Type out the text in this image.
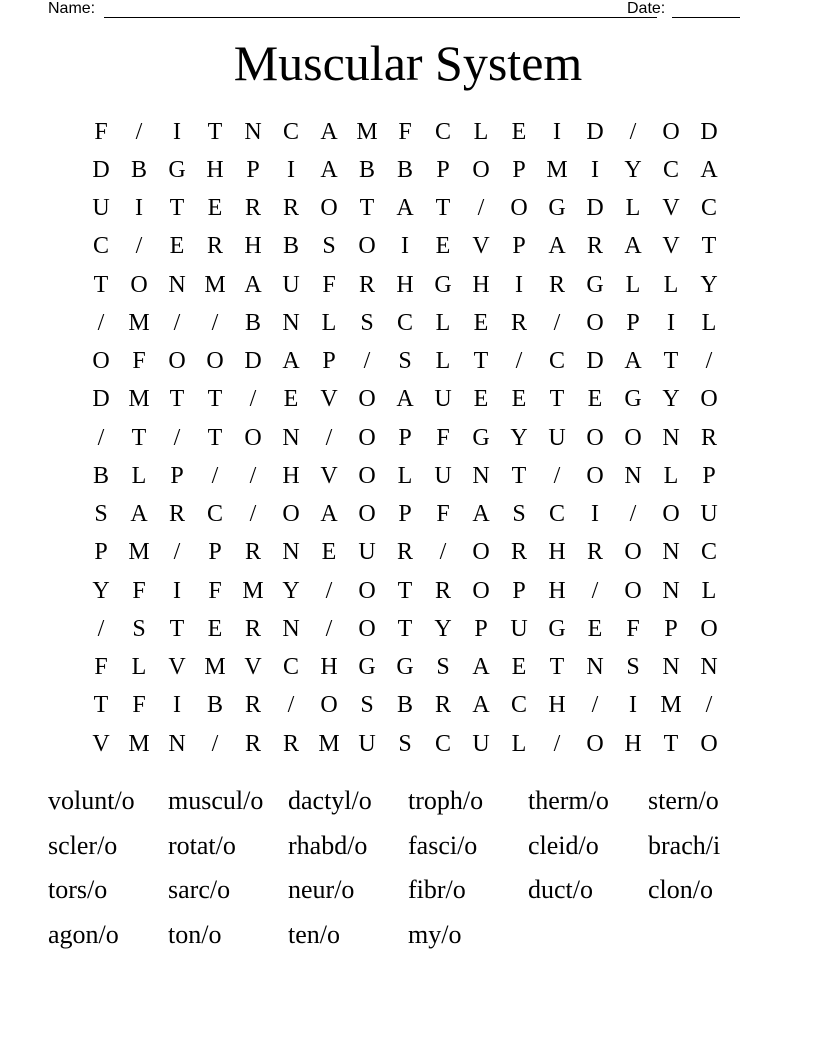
Name:	Date:
Muscular System
F	/	I	T N C A M F C L E	I	D	/	O D
D B G H P	I	A B B P O P M I	Y C A
U	I	T E R R O T A T	/	O G D L V C
C	/	E R H B S O	I	E V P A R A V T
T O N M A U F R H G H	I	R G L L Y
/	M /	/	B N L S C L E R	/	O P	I	L
O F O O D A P	/	S L T	/	C D A T	/
D M T T	/	E V O A U E E T E G Y O
/	T	/	T O N	/	O P	F G Y U O O N R
B L P	/	/	H V O L U N T	/	O N L P
S A R C	/	O A O P	F A S C	I	/	O U
P M /	P R N E U R	/	O R H R O N C
Y F	I	F M Y	/	O T R O P H	/	O N L
/	S T E R N	/	O T Y P U G E F	P O
F L V M V C H G G S A E T N S N N
T F	I	B R	/	O S B R A C H	/	I M /
V M N	/	R R M U S C U L	/	O H T O
volunt/o	muscul/o dactyl/o	troph/o	therm/o	stern/o
scler/o	rotat/o	rhabd/o	fasci/o	cleid/o	brach/i
tors/o	sarc/o	neur/o	fibr/o	duct/o	clon/o
agon/o	ton/o	ten/o	my/o
